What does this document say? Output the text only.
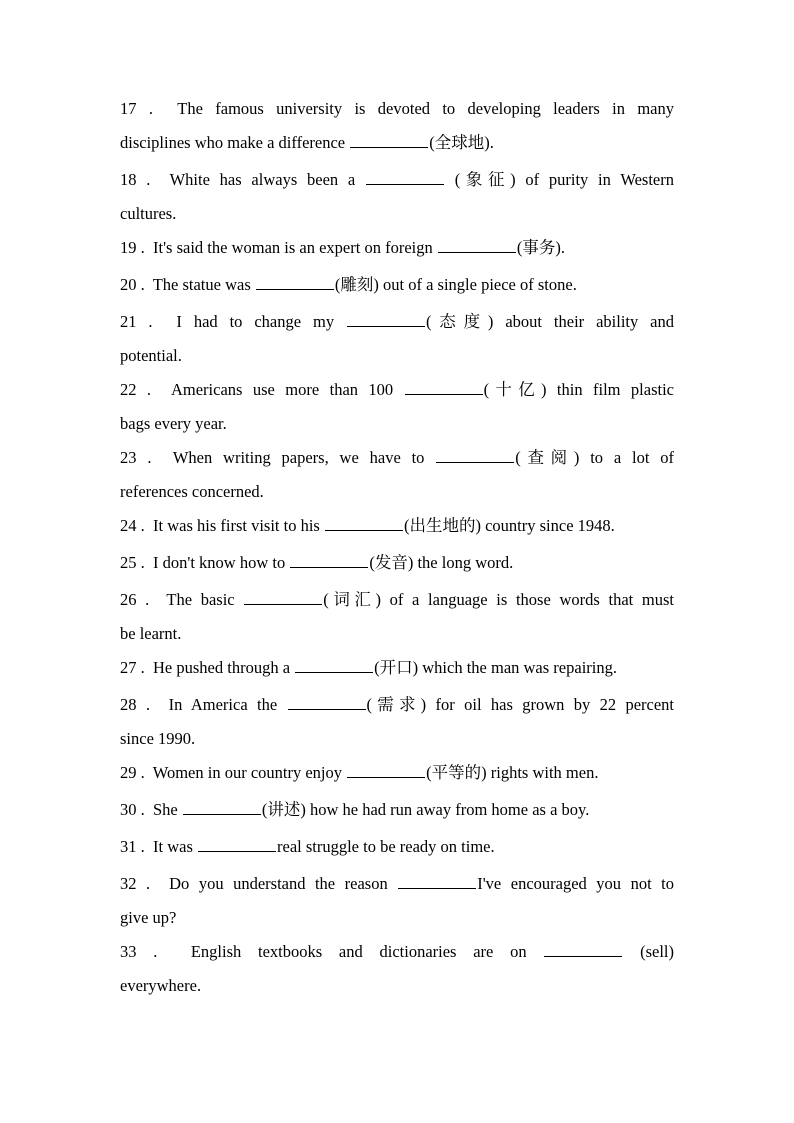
17 .  The famous university is devoted to developing leaders in many
disciplines who make a difference	(全球地).
18 .  White has always been a	(象征) of purity in Western
cultures.
19 .  It's said the woman is an expert on foreign	(事务).
20 .  The statue was	(雕刻) out of a single piece of stone.
21 .  I had to change my	(态度) about their ability and
potential.
22 .  Americans use more than 100	(十亿) thin film plastic
bags every year.
23 .  When writing papers, we have to	(查阅) to a lot of
references concerned.
24 .  It was his first visit to his	(出生地的) country since 1948.
25 .  I don't know how to	(发音) the long word.
26 .  The basic	(词汇) of a language is those words that must
be learnt.
27 .  He pushed through a	(开口) which the man was repairing.
28 .  In America the	(需求) for oil has grown by 22 percent
since 1990.
29 .  Women in our country enjoy	(平等的) rights with men.
30 .  She	(讲述) how he had run away from home as a boy.
31 .  It was	real struggle to be ready on time.
32 .  Do you understand the reason	I've encouraged you not to
give up?
33 .  English textbooks and dictionaries are on	(sell)
everywhere.
